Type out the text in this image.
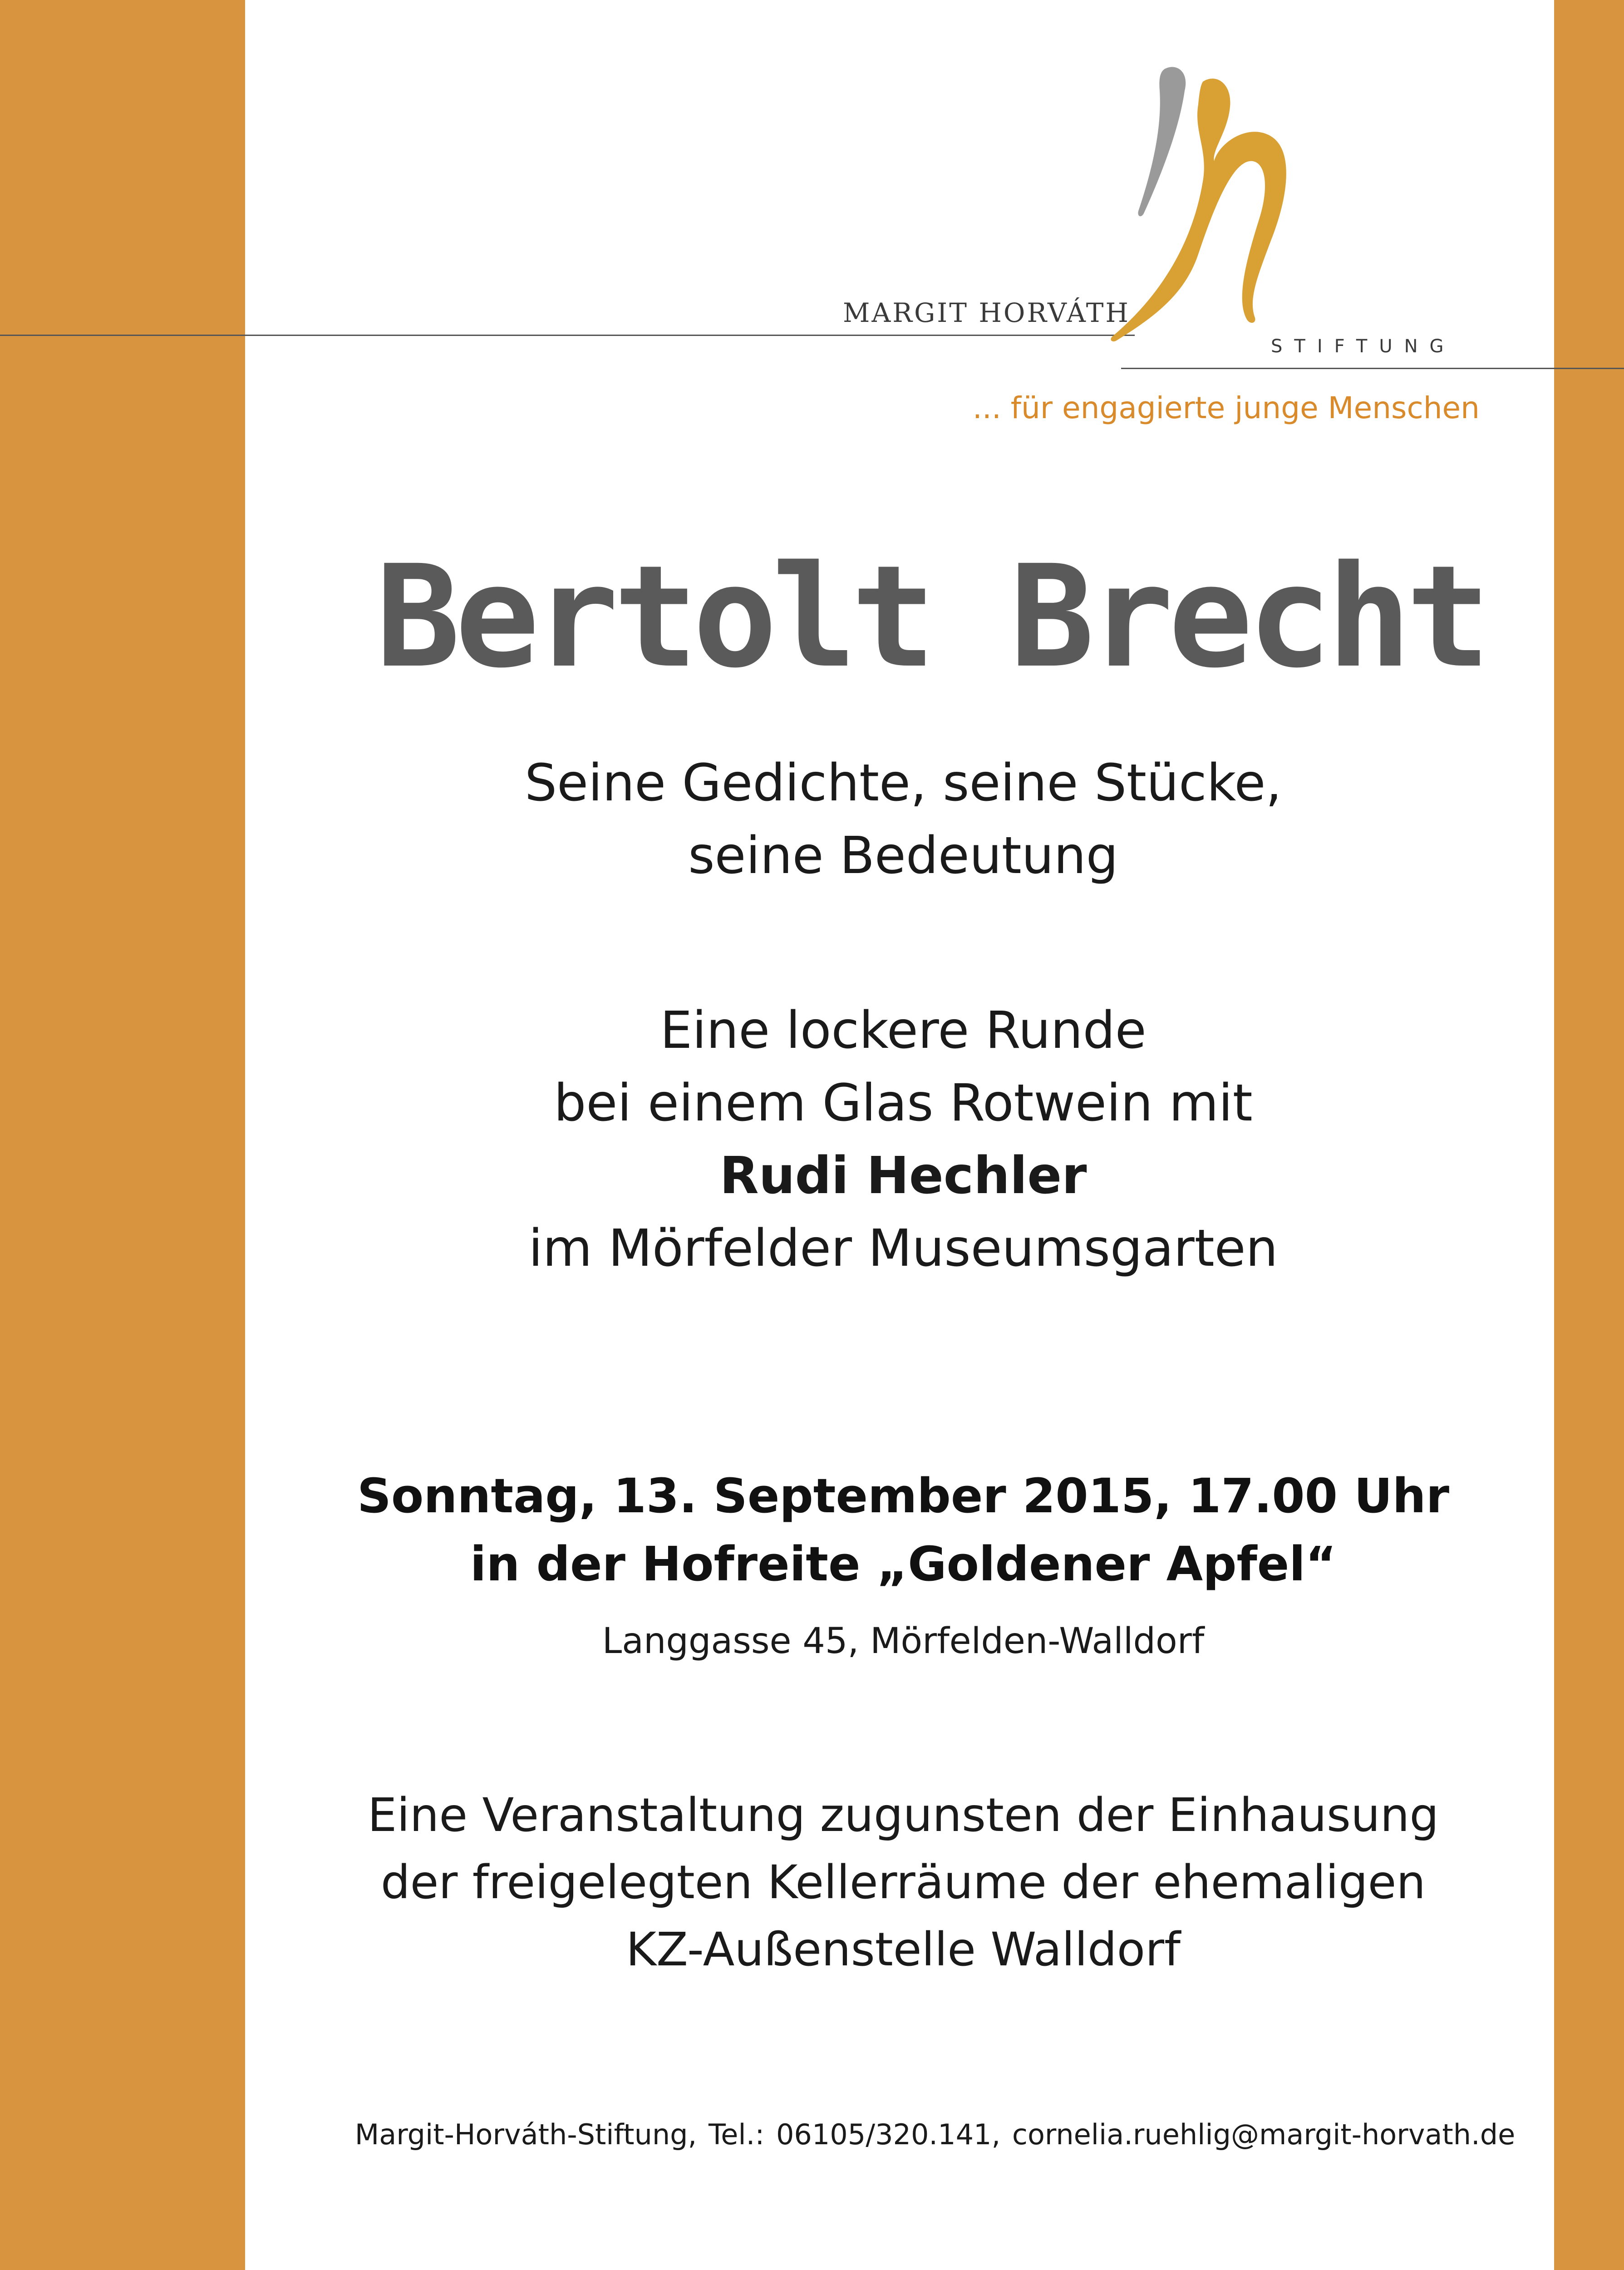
MARGIT HORVÁTH
STIFTUNG
... für engagierte junge Menschen
Bertolt Brecht
Seine Gedichte, seine Stücke,
seine Bedeutung
Eine lockere Runde
bei einem Glas Rotwein mit
Rudi Hechler
im Mörfelder Museumsgarten
Sonntag, 13. September 2015, 17.00 Uhr
in der Hofreite „Goldener Apfel“
Langgasse 45, Mörfelden-Walldorf
Eine Veranstaltung zugunsten der Einhausung
der freigelegten Kellerräume der ehemaligen
KZ-Außenstelle Walldorf
Margit-Horváth-Stiftung, Tel.: 06105/320.141, cornelia.ruehlig@margit-horvath.de
